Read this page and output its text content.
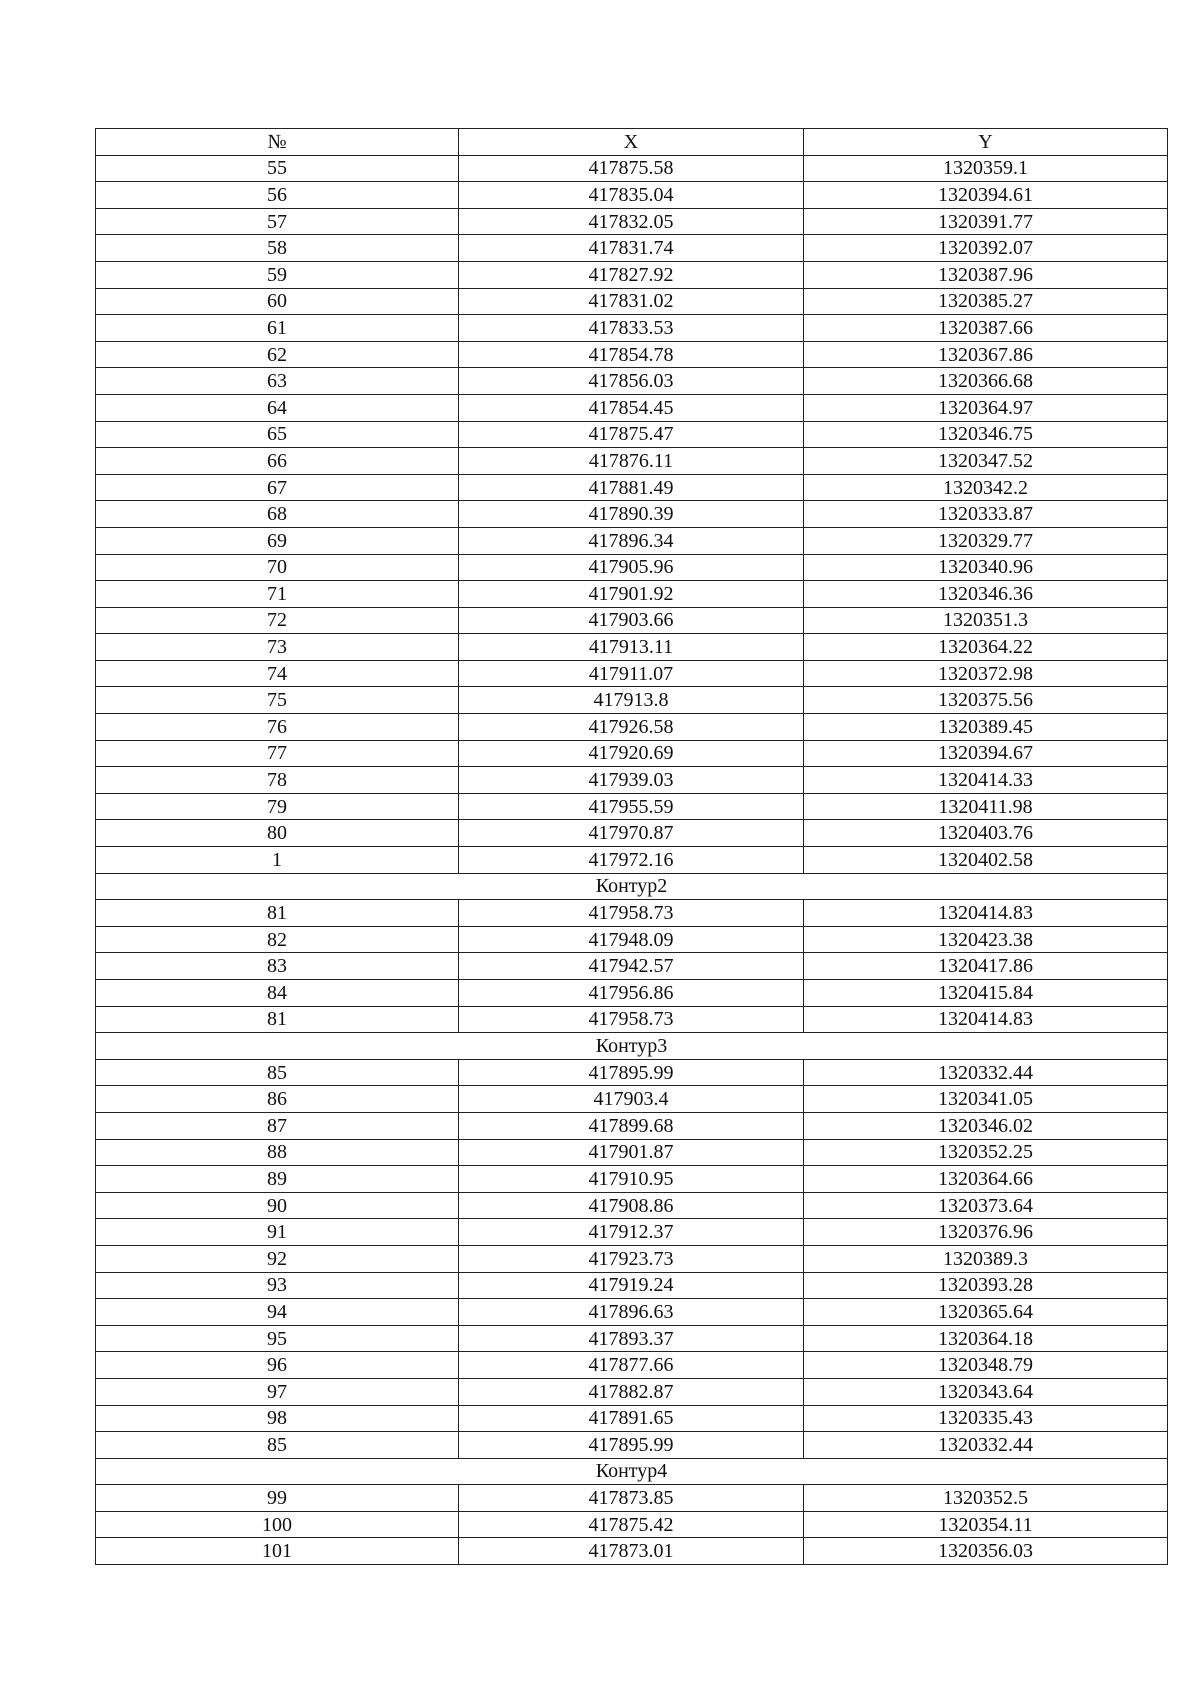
№	X	Y
55	417875.58	1320359.1
56	417835.04	1320394.61
57	417832.05	1320391.77
58	417831.74	1320392.07
59	417827.92	1320387.96
60	417831.02	1320385.27
61	417833.53	1320387.66
62	417854.78	1320367.86
63	417856.03	1320366.68
64	417854.45	1320364.97
65	417875.47	1320346.75
66	417876.11	1320347.52
67	417881.49	1320342.2
68	417890.39	1320333.87
69	417896.34	1320329.77
70	417905.96	1320340.96
71	417901.92	1320346.36
72	417903.66	1320351.3
73	417913.11	1320364.22
74	417911.07	1320372.98
75	417913.8	1320375.56
76	417926.58	1320389.45
77	417920.69	1320394.67
78	417939.03	1320414.33
79	417955.59	1320411.98
80	417970.87	1320403.76
1	417972.16	1320402.58
Контур2		
81	417958.73	1320414.83
82	417948.09	1320423.38
83	417942.57	1320417.86
84	417956.86	1320415.84
81	417958.73	1320414.83
Контур3		
85	417895.99	1320332.44
86	417903.4	1320341.05
87	417899.68	1320346.02
88	417901.87	1320352.25
89	417910.95	1320364.66
90	417908.86	1320373.64
91	417912.37	1320376.96
92	417923.73	1320389.3
93	417919.24	1320393.28
94	417896.63	1320365.64
95	417893.37	1320364.18
96	417877.66	1320348.79
97	417882.87	1320343.64
98	417891.65	1320335.43
85	417895.99	1320332.44
Контур4		
99	417873.85	1320352.5
100	417875.42	1320354.11
101	417873.01	1320356.03
